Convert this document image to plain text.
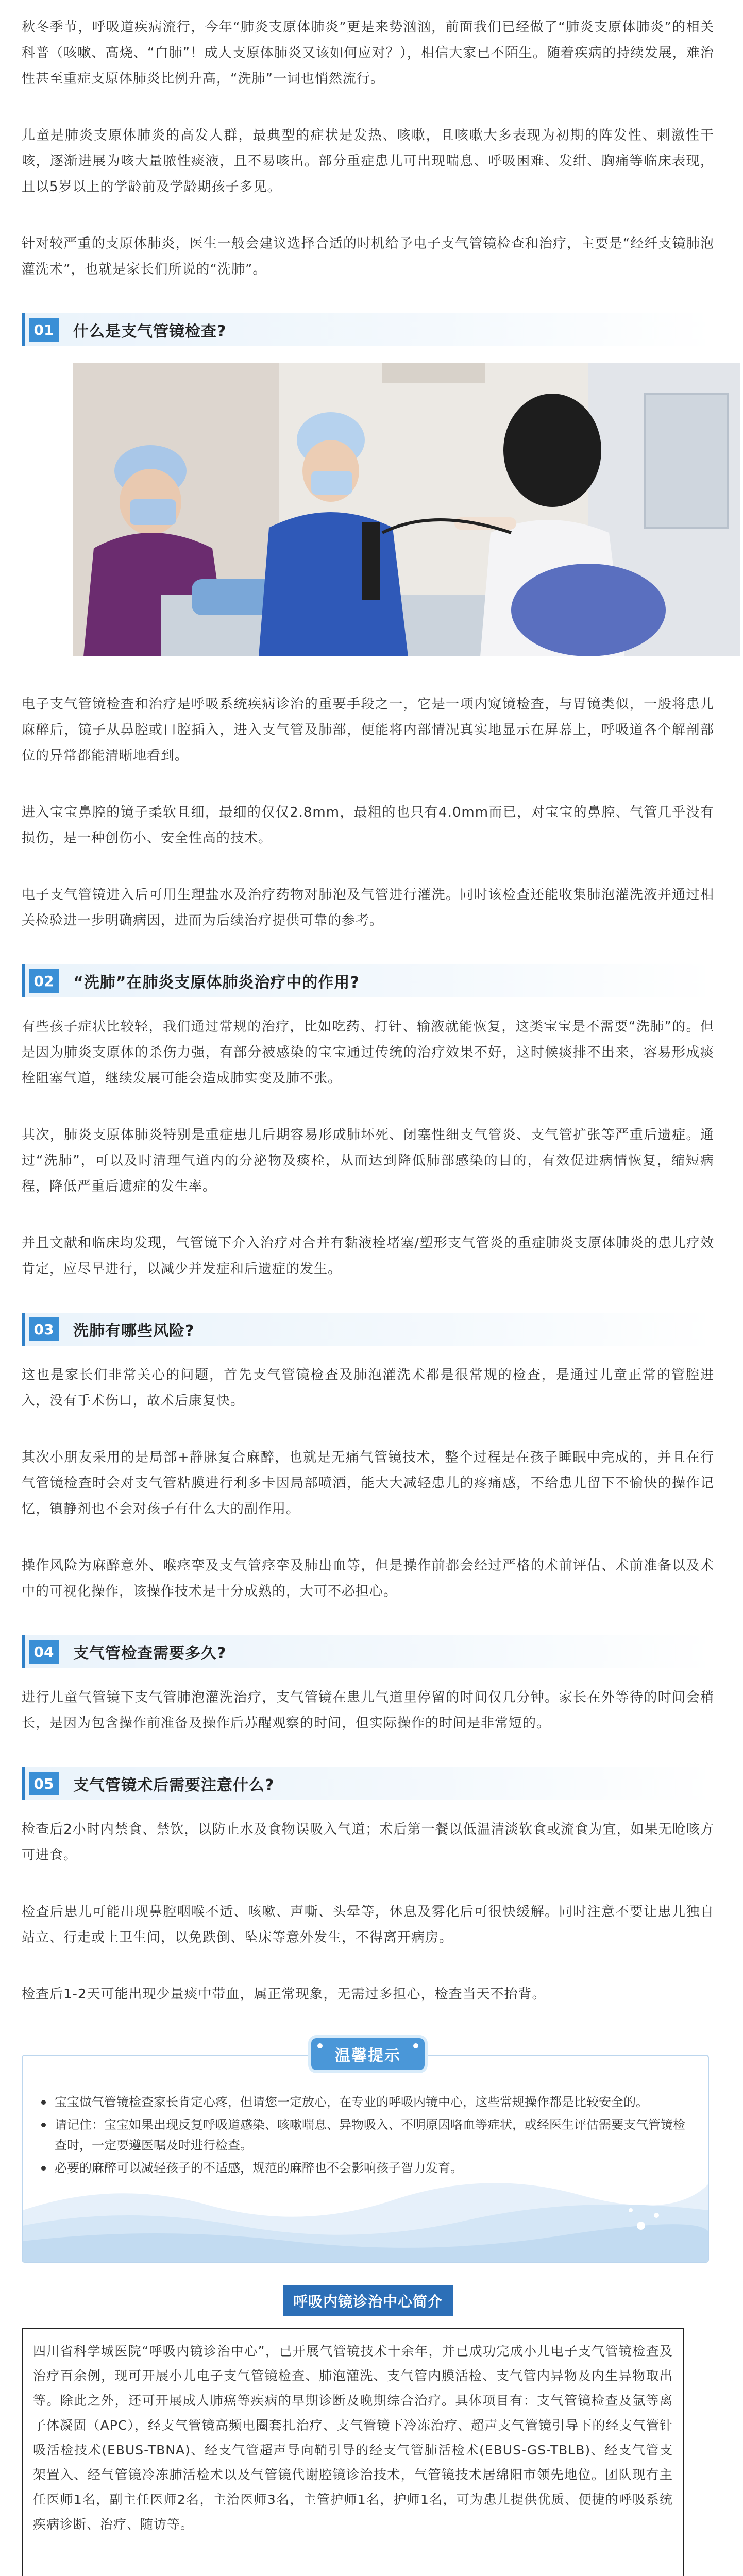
秋冬季节，呼吸道疾病流行，今年“肺炎支原体肺炎”更是来势汹汹，前面我们已经做了“肺炎支原体肺炎”的相关科普（咳嗽、高烧、“白肺”！成人支原体肺炎又该如何应对？），相信大家已不陌生。随着疾病的持续发展，难治性甚至重症支原体肺炎比例升高，“洗肺”一词也悄然流行。

儿童是肺炎支原体肺炎的高发人群，最典型的症状是发热、咳嗽，且咳嗽大多表现为初期的阵发性、刺激性干咳，逐渐进展为咳大量脓性痰液，且不易咳出。部分重症患儿可出现喘息、呼吸困难、发绀、胸痛等临床表现，且以5岁以上的学龄前及学龄期孩子多见。

针对较严重的支原体肺炎，医生一般会建议选择合适的时机给予电子支气管镜检查和治疗，主要是“经纤支镜肺泡灌洗术”，也就是家长们所说的“洗肺”。

01	什么是支气管镜检查?

电子支气管镜检查和治疗是呼吸系统疾病诊治的重要手段之一，它是一项内窥镜检查，与胃镜类似，一般将患儿麻醉后，镜子从鼻腔或口腔插入，进入支气管及肺部，便能将内部情况真实地显示在屏幕上，呼吸道各个解剖部位的异常都能清晰地看到。

进入宝宝鼻腔的镜子柔软且细，最细的仅仅2.8mm，最粗的也只有4.0mm而已，对宝宝的鼻腔、气管几乎没有损伤，是一种创伤小、安全性高的技术。

电子支气管镜进入后可用生理盐水及治疗药物对肺泡及气管进行灌洗。同时该检查还能收集肺泡灌洗液并通过相关检验进一步明确病因，进而为后续治疗提供可靠的参考。

02	“洗肺”在肺炎支原体肺炎治疗中的作用?

有些孩子症状比较轻，我们通过常规的治疗，比如吃药、打针、输液就能恢复，这类宝宝是不需要“洗肺”的。但是因为肺炎支原体的杀伤力强，有部分被感染的宝宝通过传统的治疗效果不好，这时候痰排不出来，容易形成痰栓阻塞气道，继续发展可能会造成肺实变及肺不张。

其次，肺炎支原体肺炎特别是重症患儿后期容易形成肺坏死、闭塞性细支气管炎、支气管扩张等严重后遗症。通过“洗肺”，可以及时清理气道内的分泌物及痰栓，从而达到降低肺部感染的目的，有效促进病情恢复，缩短病程，降低严重后遗症的发生率。

并且文献和临床均发现，气管镜下介入治疗对合并有黏液栓堵塞/塑形支气管炎的重症肺炎支原体肺炎的患儿疗效肯定，应尽早进行，以减少并发症和后遗症的发生。

03	洗肺有哪些风险?

这也是家长们非常关心的问题，首先支气管镜检查及肺泡灌洗术都是很常规的检查，是通过儿童正常的管腔进入，没有手术伤口，故术后康复快。

其次小朋友采用的是局部+静脉复合麻醉，也就是无痛气管镜技术，整个过程是在孩子睡眠中完成的，并且在行气管镜检查时会对支气管粘膜进行利多卡因局部喷洒，能大大减轻患儿的疼痛感，不给患儿留下不愉快的操作记忆，镇静剂也不会对孩子有什么大的副作用。

操作风险为麻醉意外、喉痉挛及支气管痉挛及肺出血等，但是操作前都会经过严格的术前评估、术前准备以及术中的可视化操作，该操作技术是十分成熟的，大可不必担心。

04	支气管检查需要多久?

进行儿童气管镜下支气管肺泡灌洗治疗，支气管镜在患儿气道里停留的时间仅几分钟。家长在外等待的时间会稍长，是因为包含操作前准备及操作后苏醒观察的时间，但实际操作的时间是非常短的。

05	支气管镜术后需要注意什么?

检查后2小时内禁食、禁饮，以防止水及食物误吸入气道；术后第一餐以低温清淡软食或流食为宜，如果无呛咳方可进食。

检查后患儿可能出现鼻腔咽喉不适、咳嗽、声嘶、头晕等，休息及雾化后可很快缓解。同时注意不要让患儿独自站立、行走或上卫生间，以免跌倒、坠床等意外发生，不得离开病房。

检查后1-2天可能出现少量痰中带血，属正常现象，无需过多担心，检查当天不抬背。

温馨提示
宝宝做气管镜检查家长肯定心疼，但请您一定放心，在专业的呼吸内镜中心，这些常规操作都是比较安全的。
请记住：宝宝如果出现反复呼吸道感染、咳嗽喘息、异物吸入、不明原因咯血等症状，或经医生评估需要支气管镜检查时，一定要遵医嘱及时进行检查。
必要的麻醉可以减轻孩子的不适感，规范的麻醉也不会影响孩子智力发育。
呼吸内镜诊治中心简介

四川省科学城医院“呼吸内镜诊治中心”，已开展气管镜技术十余年，并已成功完成小儿电子支气管镜检查及治疗百余例，现可开展小儿电子支气管镜检查、肺泡灌洗、支气管内膜活检、支气管内异物及内生异物取出等。除此之外，还可开展成人肺癌等疾病的早期诊断及晚期综合治疗。具体项目有：支气管镜检查及氩等离子体凝固（APC），经支气管镜高频电圈套扎治疗、支气管镜下冷冻治疗、超声支气管镜引导下的经支气管针吸活检技术(EBUS-TBNA)、经支气管超声导向鞘引导的经支气管肺活检术(EBUS-GS-TBLB)、经支气管支架置入、经气管镜冷冻肺活检术以及气管镜代谢腔镜诊治技术，气管镜技术居绵阳市领先地位。团队现有主任医师1名，副主任医师2名，主治医师3名，主管护师1名，护师1名，可为患儿提供优质、便捷的呼吸系统疾病诊断、治疗、随访等。
